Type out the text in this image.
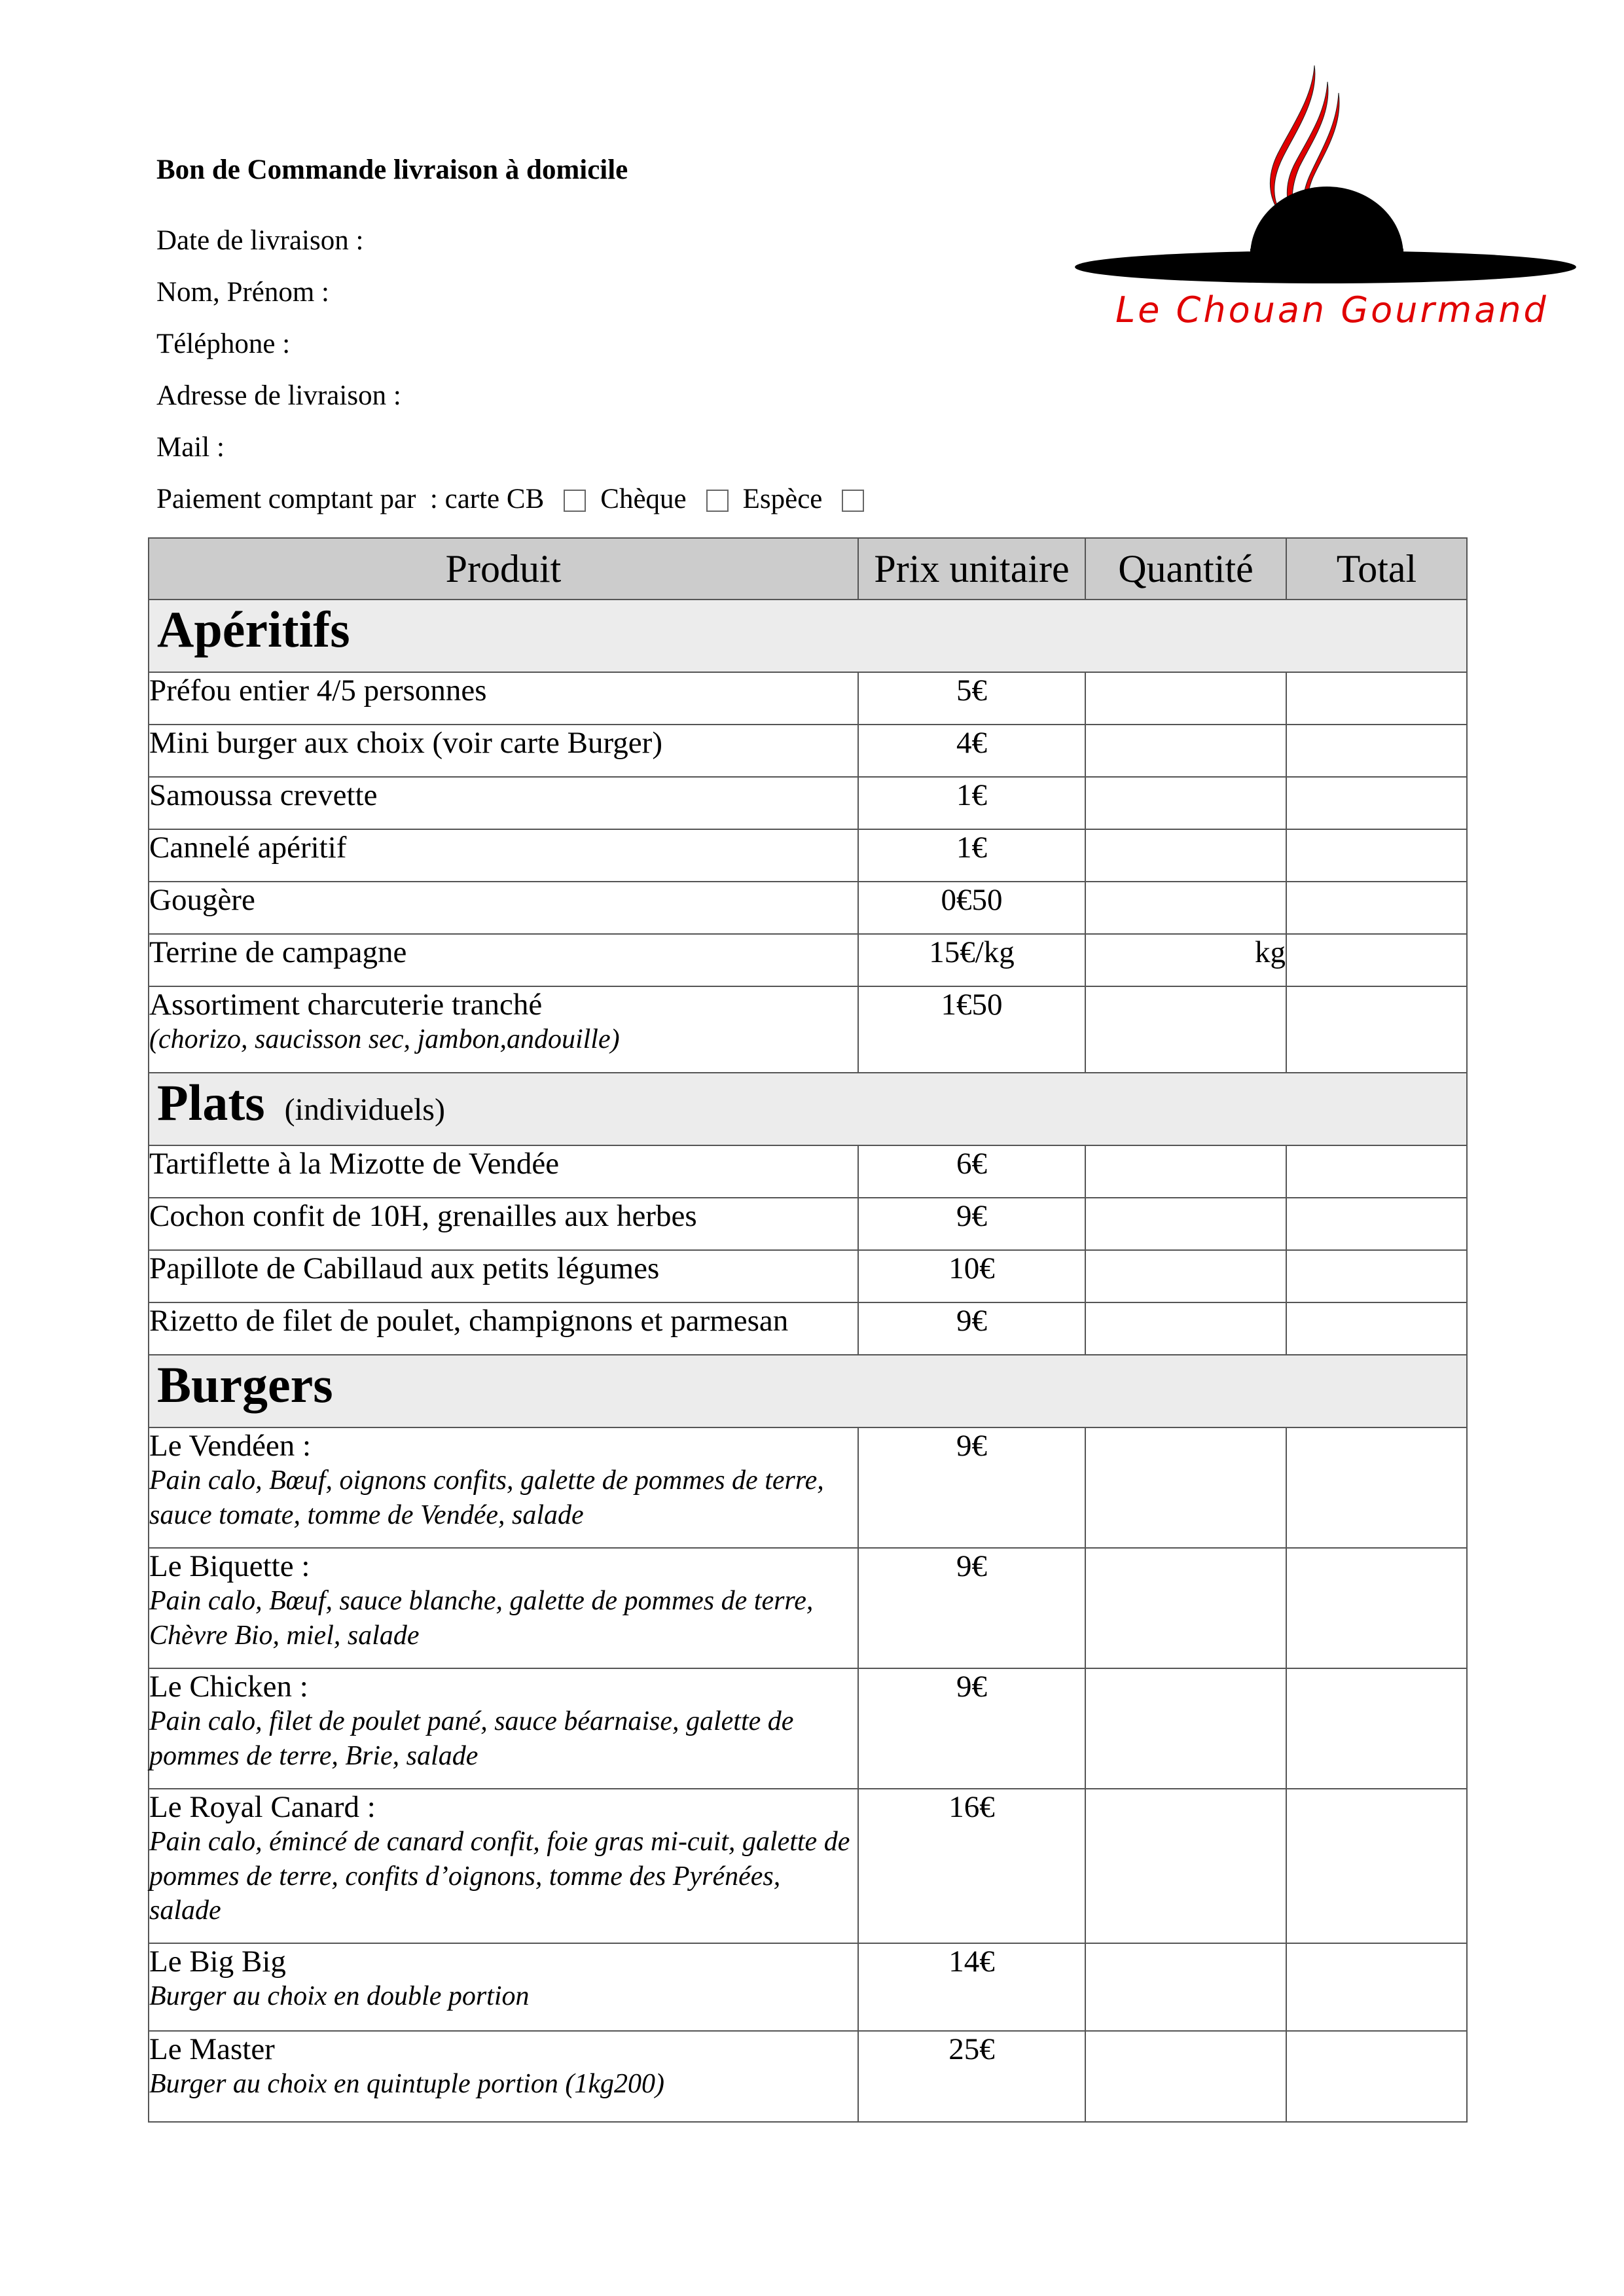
Bon de Commande livraison à domicile
Date de livraison :
Nom, Prénom :
Téléphone :
Adresse de livraison :
Mail :
Paiement comptant par  : carte CB Chèque Espèce
Le Chouan Gourmand
Produit	Prix unitaire	Quantité	Total
Apéritifs			
Préfou entier 4/5 personnes	5€		
Mini burger aux choix (voir carte Burger)	4€		
Samoussa crevette	1€		
Cannelé apéritif	1€		
Gougère	0€50		
Terrine de campagne	15€/kg	kg	
Assortiment charcuterie tranché
(chorizo, saucisson sec, jambon,andouille)	1€50		
Plats (individuels)			
Tartiflette à la Mizotte de Vendée	6€		
Cochon confit de 10H, grenailles aux herbes	9€		
Papillote de Cabillaud aux petits légumes	10€		
Rizetto de filet de poulet, champignons et parmesan	9€		
Burgers			
Le Vendéen :
Pain calo, Bœuf, oignons confits, galette de pommes de terre, sauce tomate, tomme de Vendée, salade	9€		
Le Biquette :
Pain calo, Bœuf, sauce blanche, galette de pommes de terre, Chèvre Bio, miel, salade	9€		
Le Chicken :
Pain calo, filet de poulet pané, sauce béarnaise, galette de pommes de terre, Brie, salade	9€		
Le Royal Canard :
Pain calo, émincé de canard confit, foie gras mi-cuit, galette de pommes de terre, confits d’oignons, tomme des Pyrénées, salade	16€		
Le Big Big
Burger au choix en double portion	14€		
Le Master
Burger au choix en quintuple portion (1kg200)	25€		
